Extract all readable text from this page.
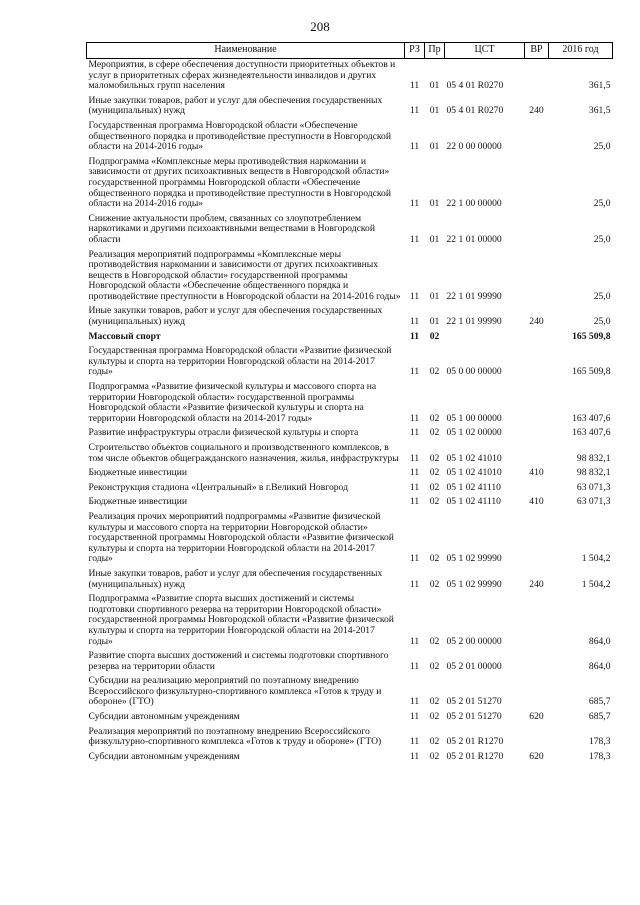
208
Наименование	РЗ	Пр	ЦСТ	ВР	2016 год
Мероприятия, в сфере обеспечения доступности приоритетных объектов и услуг в приоритетных сферах жизнедеятельности инвалидов и других маломобильных групп населения	11	01	05 4 01 R0270		361,5
Иные закупки товаров, работ и услуг для обеспечения государственных (муниципальных) нужд	11	01	05 4 01 R0270	240	361,5
Государственная программа Новгородской области «Обеспечение общественного порядка и противодействие преступности в Новгородской области на 2014-2016 годы»	11	01	22 0 00 00000		25,0
Подпрограмма «Комплексные меры противодействия наркомании и зависимости от других психоактивных веществ в Новгородской области» государственной программы Новгородской области «Обеспечение общественного порядка и противодействие преступности в Новгородской области на 2014-2016 годы»	11	01	22 1 00 00000		25,0
Снижение актуальности проблем, связанных со злоупотреблением наркотиками и другими психоактивными веществами в Новгородской области	11	01	22 1 01 00000		25,0
Реализация мероприятий подпрограммы «Комплексные меры противодействия наркомании и зависимости от других психоактивных веществ в Новгородской области» государственной программы Новгородской области «Обеспечение общественного порядка и противодействие преступности в Новгородской области на 2014-2016 годы»	11	01	22 1 01 99990		25,0
Иные закупки товаров, работ и услуг для обеспечения государственных (муниципальных) нужд	11	01	22 1 01 99990	240	25,0
Массовый спорт	11	02			165 509,8
Государственная программа Новгородской области «Развитие физической культуры и спорта на территории Новгородской области на 2014-2017 годы»	11	02	05 0 00 00000		165 509,8
Подпрограмма «Развитие физической культуры и массового спорта на территории Новгородской области» государственной программы Новгородской области «Развитие физической культуры и спорта на территории Новгородской области на 2014-2017 годы»	11	02	05 1 00 00000		163 407,6
Развитие инфраструктуры отрасли физической культуры и спорта	11	02	05 1 02 00000		163 407,6
Строительство объектов социального и производственного комплексов, в том числе объектов общегражданского назначения, жилья, инфраструктуры	11	02	05 1 02 41010		98 832,1
Бюджетные инвестиции	11	02	05 1 02 41010	410	98 832,1
Реконструкция стадиона «Центральный» в г.Великий Новгород	11	02	05 1 02 41110		63 071,3
Бюджетные инвестиции	11	02	05 1 02 41110	410	63 071,3
Реализация прочих мероприятий подпрограммы «Развитие физической культуры и массового спорта на территории Новгородской области» государственной программы Новгородской области «Развитие физической культуры и спорта на территории Новгородской области на 2014-2017 годы»	11	02	05 1 02 99990		1 504,2
Иные закупки товаров, работ и услуг для обеспечения государственных (муниципальных) нужд	11	02	05 1 02 99990	240	1 504,2
Подпрограмма «Развитие спорта высших достижений и системы подготовки спортивного резерва на территории Новгородской области» государственной программы Новгородской области «Развитие физической культуры и спорта на территории Новгородской области на 2014-2017 годы»	11	02	05 2 00 00000		864,0
Развитие спорта высших достижений и системы подготовки спортивного резерва на территории области	11	02	05 2 01 00000		864,0
Субсидии на реализацию мероприятий по поэтапному внедрению Всероссийского физкультурно-спортивного комплекса «Готов к труду и обороне» (ГТО)	11	02	05 2 01 51270		685,7
Субсидии автономным учреждениям	11	02	05 2 01 51270	620	685,7
Реализация мероприятий по поэтапному внедрению Всероссийского физкультурно-спортивного комплекса «Готов к труду и обороне» (ГТО)	11	02	05 2 01 R1270		178,3
Субсидии автономным учреждениям	11	02	05 2 01 R1270	620	178,3
